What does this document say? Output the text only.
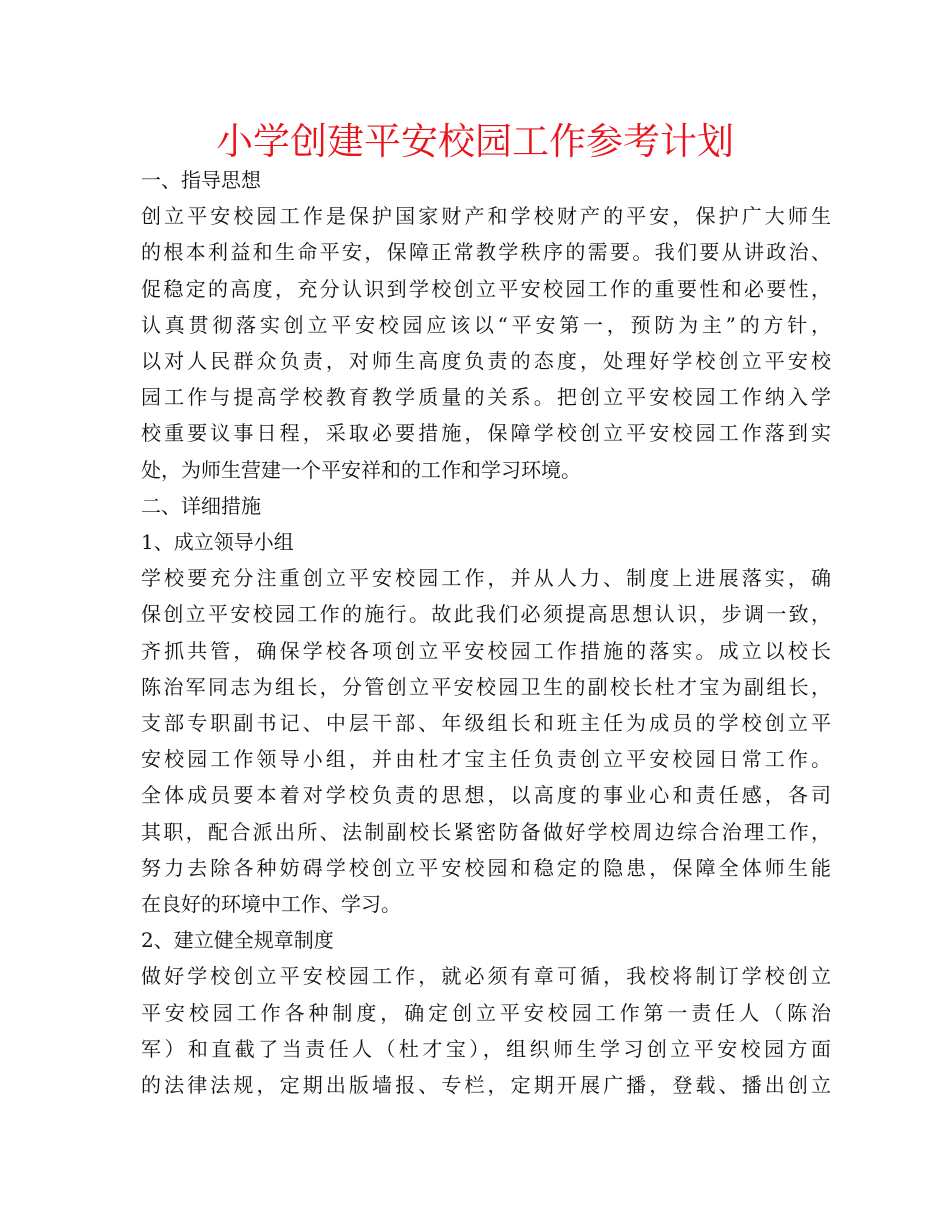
小学创建平安校园工作参考计划
一、指导思想
创立平安校园工作是保护国家财产和学校财产的平安，保护广大师生
的根本利益和生命平安，保障正常教学秩序的需要。我们要从讲政治、
促稳定的高度，充分认识到学校创立平安校园工作的重要性和必要性，
认真贯彻落实创立平安校园应该以“平安第一，预防为主”的方针，
以对人民群众负责，对师生高度负责的态度，处理好学校创立平安校
园工作与提高学校教育教学质量的关系。把创立平安校园工作纳入学
校重要议事日程，采取必要措施，保障学校创立平安校园工作落到实
处，为师生营建一个平安祥和的工作和学习环境。
二、详细措施
1、成立领导小组
学校要充分注重创立平安校园工作，并从人力、制度上进展落实，确
保创立平安校园工作的施行。故此我们必须提高思想认识，步调一致，
齐抓共管，确保学校各项创立平安校园工作措施的落实。成立以校长
陈治军同志为组长，分管创立平安校园卫生的副校长杜才宝为副组长，
支部专职副书记、中层干部、年级组长和班主任为成员的学校创立平
安校园工作领导小组，并由杜才宝主任负责创立平安校园日常工作。
全体成员要本着对学校负责的思想，以高度的事业心和责任感，各司
其职，配合派出所、法制副校长紧密防备做好学校周边综合治理工作，
努力去除各种妨碍学校创立平安校园和稳定的隐患，保障全体师生能
在良好的环境中工作、学习。
2、建立健全规章制度
做好学校创立平安校园工作，就必须有章可循，我校将制订学校创立
平安校园工作各种制度，确定创立平安校园工作第一责任人（陈治
军）和直截了当责任人（杜才宝），组织师生学习创立平安校园方面
的法律法规，定期出版墙报、专栏，定期开展广播，登载、播出创立
